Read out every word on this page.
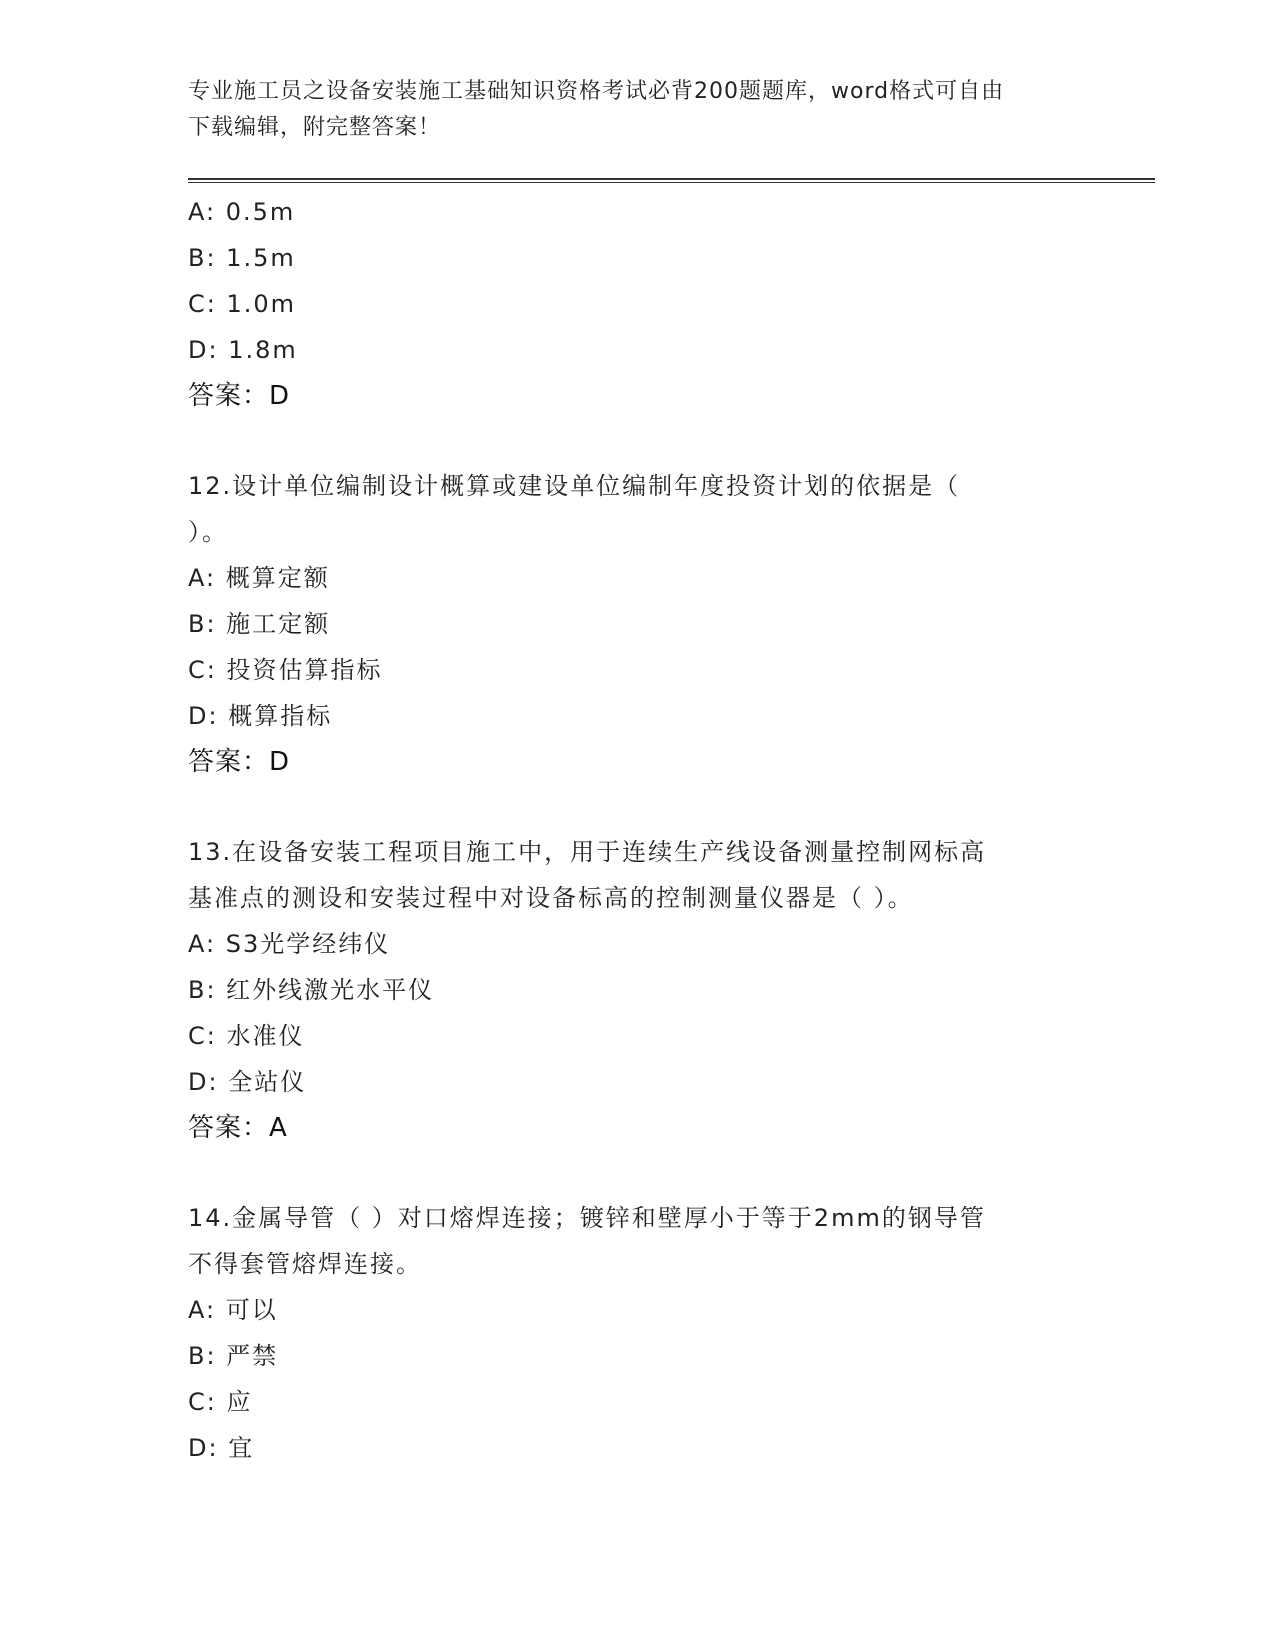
专业施工员之设备安装施工基础知识资格考试必背200题题库，word格式可自由
下载编辑，附完整答案！
A: 0.5m
B: 1.5m
C: 1.0m
D: 1.8m
答案：D
12.设计单位编制设计概算或建设单位编制年度投资计划的依据是（
）。
A: 概算定额
B: 施工定额
C: 投资估算指标
D: 概算指标
答案：D
13.在设备安装工程项目施工中，用于连续生产线设备测量控制网标高
基准点的测设和安装过程中对设备标高的控制测量仪器是（ ）。
A: S3光学经纬仪
B: 红外线激光水平仪
C: 水准仪
D: 全站仪
答案：A
14.金属导管（ ）对口熔焊连接；镀锌和壁厚小于等于2mm的钢导管
不得套管熔焊连接。
A: 可以
B: 严禁
C: 应
D: 宜
